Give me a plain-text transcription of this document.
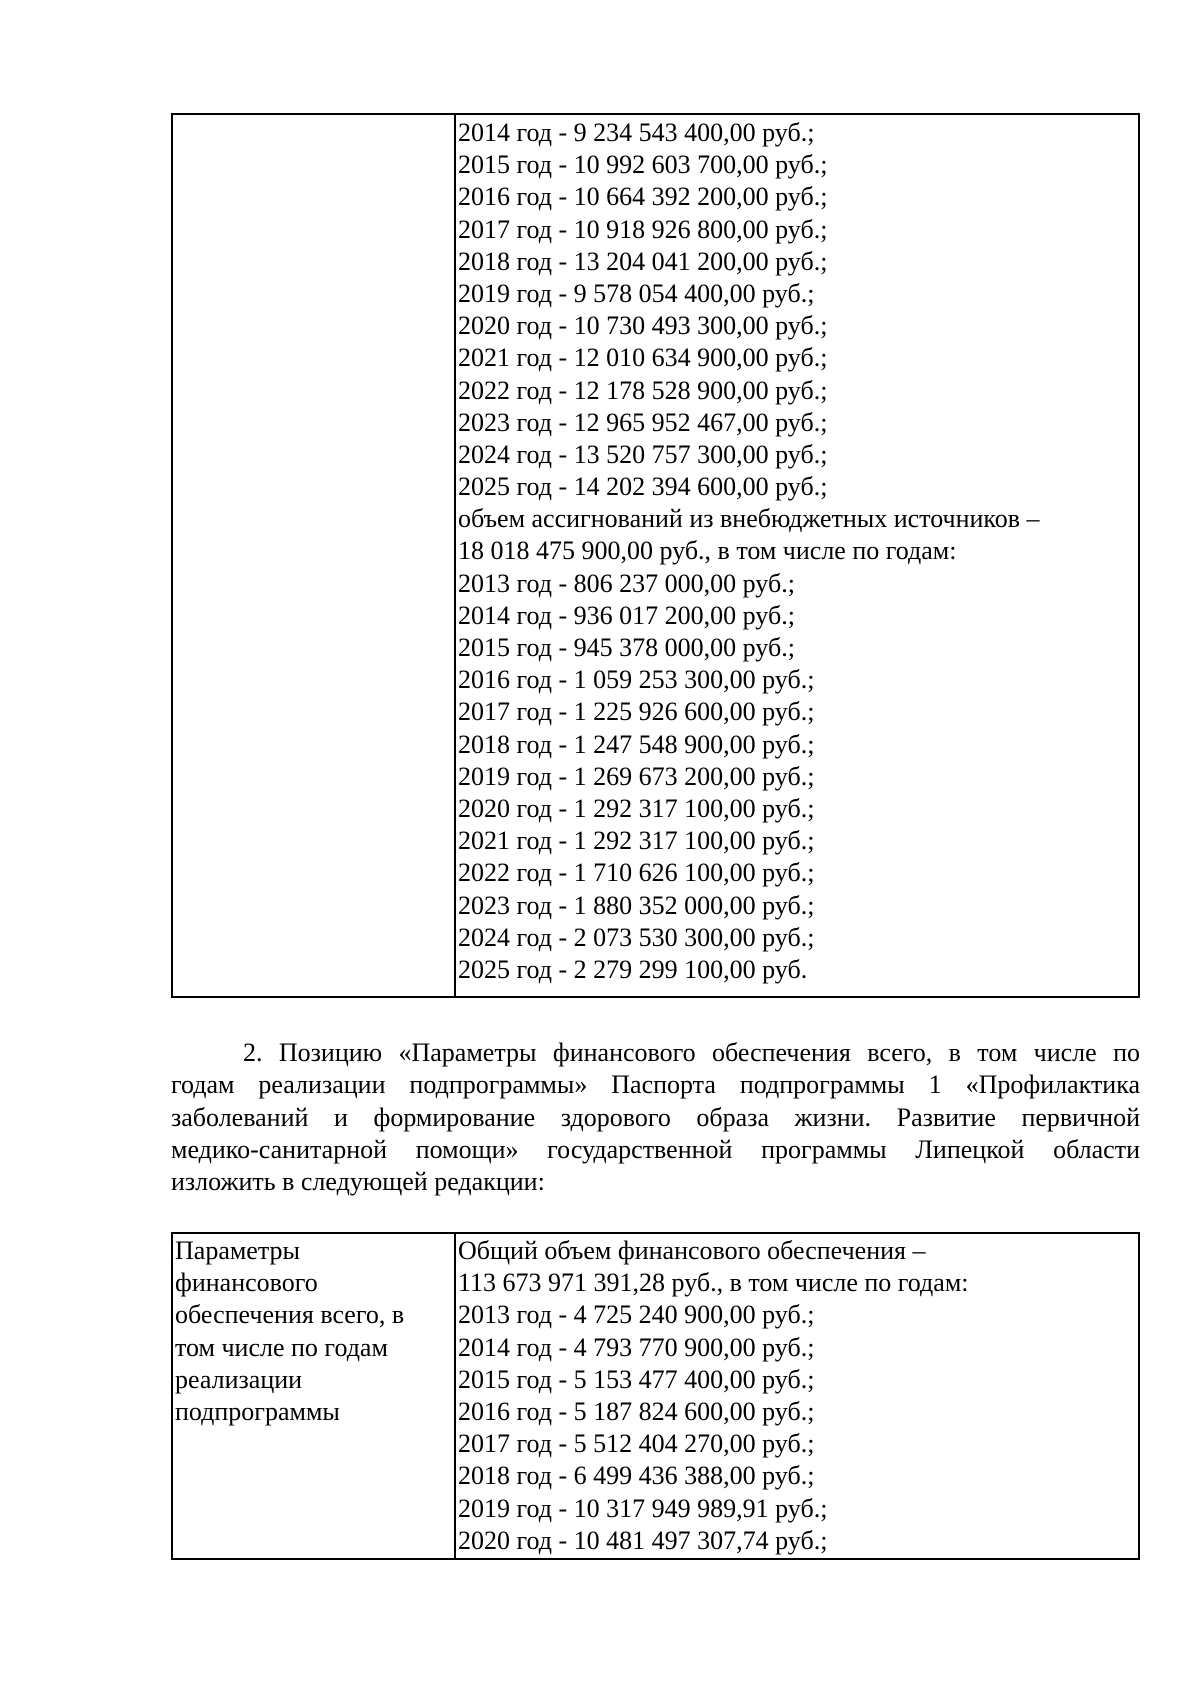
2014 год - 9 234 543 400,00 руб.;
2015 год - 10 992 603 700,00 руб.;
2016 год - 10 664 392 200,00 руб.;
2017 год - 10 918 926 800,00 руб.;
2018 год - 13 204 041 200,00 руб.;
2019 год - 9 578 054 400,00 руб.;
2020 год - 10 730 493 300,00 руб.;
2021 год - 12 010 634 900,00 руб.;
2022 год - 12 178 528 900,00 руб.;
2023 год - 12 965 952 467,00 руб.;
2024 год - 13 520 757 300,00 руб.;
2025 год - 14 202 394 600,00 руб.;
объем ассигнований из внебюджетных источников –
18 018 475 900,00 руб., в том числе по годам:
2013 год - 806 237 000,00 руб.;
2014 год - 936 017 200,00 руб.;
2015 год - 945 378 000,00 руб.;
2016 год - 1 059 253 300,00 руб.;
2017 год - 1 225 926 600,00 руб.;
2018 год - 1 247 548 900,00 руб.;
2019 год - 1 269 673 200,00 руб.;
2020 год - 1 292 317 100,00 руб.;
2021 год - 1 292 317 100,00 руб.;
2022 год - 1 710 626 100,00 руб.;
2023 год - 1 880 352 000,00 руб.;
2024 год - 2 073 530 300,00 руб.;
2025 год - 2 279 299 100,00 руб.
2. Позицию «Параметры финансового обеспечения всего, в том числе по
годам реализации подпрограммы» Паспорта подпрограммы 1 «Профилактика
заболеваний и формирование здорового образа жизни. Развитие первичной
медико-санитарной помощи» государственной программы Липецкой области
изложить в следующей редакции:
Параметры
финансового
обеспечения всего, в
том числе по годам
реализации
подпрограммы
Общий объем финансового обеспечения –
113 673 971 391,28 руб., в том числе по годам:
2013 год - 4 725 240 900,00 руб.;
2014 год - 4 793 770 900,00 руб.;
2015 год - 5 153 477 400,00 руб.;
2016 год - 5 187 824 600,00 руб.;
2017 год - 5 512 404 270,00 руб.;
2018 год - 6 499 436 388,00 руб.;
2019 год - 10 317 949 989,91 руб.;
2020 год - 10 481 497 307,74 руб.;
